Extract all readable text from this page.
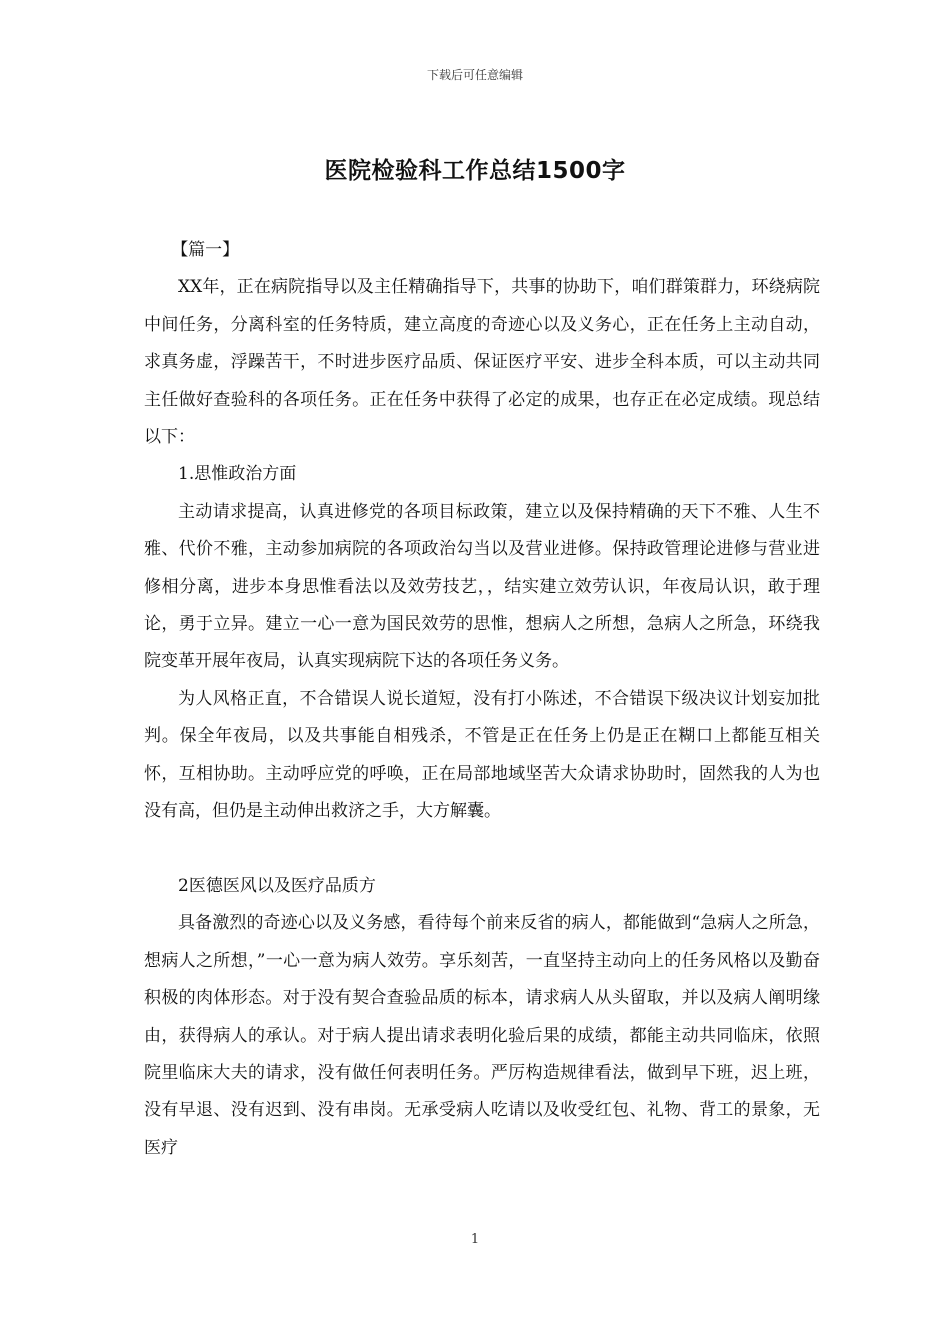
下载后可任意编辑
医院检验科工作总结1500字

【篇一】

XX年，正在病院指导以及主任精确指导下，共事的协助下，咱们群策群力，环绕病院中间任务，分离科室的任务特质，建立高度的奇迹心以及义务心，正在任务上主动自动，求真务虚，浮躁苦干，不时进步医疗品质、保证医疗平安、进步全科本质，可以主动共同主任做好查验科的各项任务。正在任务中获得了必定的成果，也存正在必定成绩。现总结以下：

1.思惟政治方面

主动请求提高，认真进修党的各项目标政策，建立以及保持精确的天下不雅、人生不雅、代价不雅，主动参加病院的各项政治勾当以及营业进修。保持政管理论进修与营业进修相分离，进步本身思惟看法以及效劳技艺，，结实建立效劳认识，年夜局认识，敢于理论，勇于立异。建立一心一意为国民效劳的思惟，想病人之所想，急病人之所急，环绕我院变革开展年夜局，认真实现病院下达的各项任务义务。

为人风格正直，不合错误人说长道短，没有打小陈述，不合错误下级决议计划妄加批判。保全年夜局，以及共事能自相残杀，不管是正在任务上仍是正在糊口上都能互相关怀，互相协助。主动呼应党的呼唤，正在局部地域坚苦大众请求协助时，固然我的人为也没有高，但仍是主动伸出救济之手，大方解囊。

2医德医风以及医疗品质方

具备激烈的奇迹心以及义务感，看待每个前来反省的病人，都能做到“急病人之所急，想病人之所想，”一心一意为病人效劳。享乐刻苦，一直坚持主动向上的任务风格以及勤奋积极的肉体形态。对于没有契合查验品质的标本，请求病人从头留取，并以及病人阐明缘由，获得病人的承认。对于病人提出请求表明化验后果的成绩，都能主动共同临床，依照院里临床大夫的请求，没有做任何表明任务。严厉构造规律看法，做到早下班，迟上班，没有早退、没有迟到、没有串岗。无承受病人吃请以及收受红包、礼物、背工的景象，无医疗

1
